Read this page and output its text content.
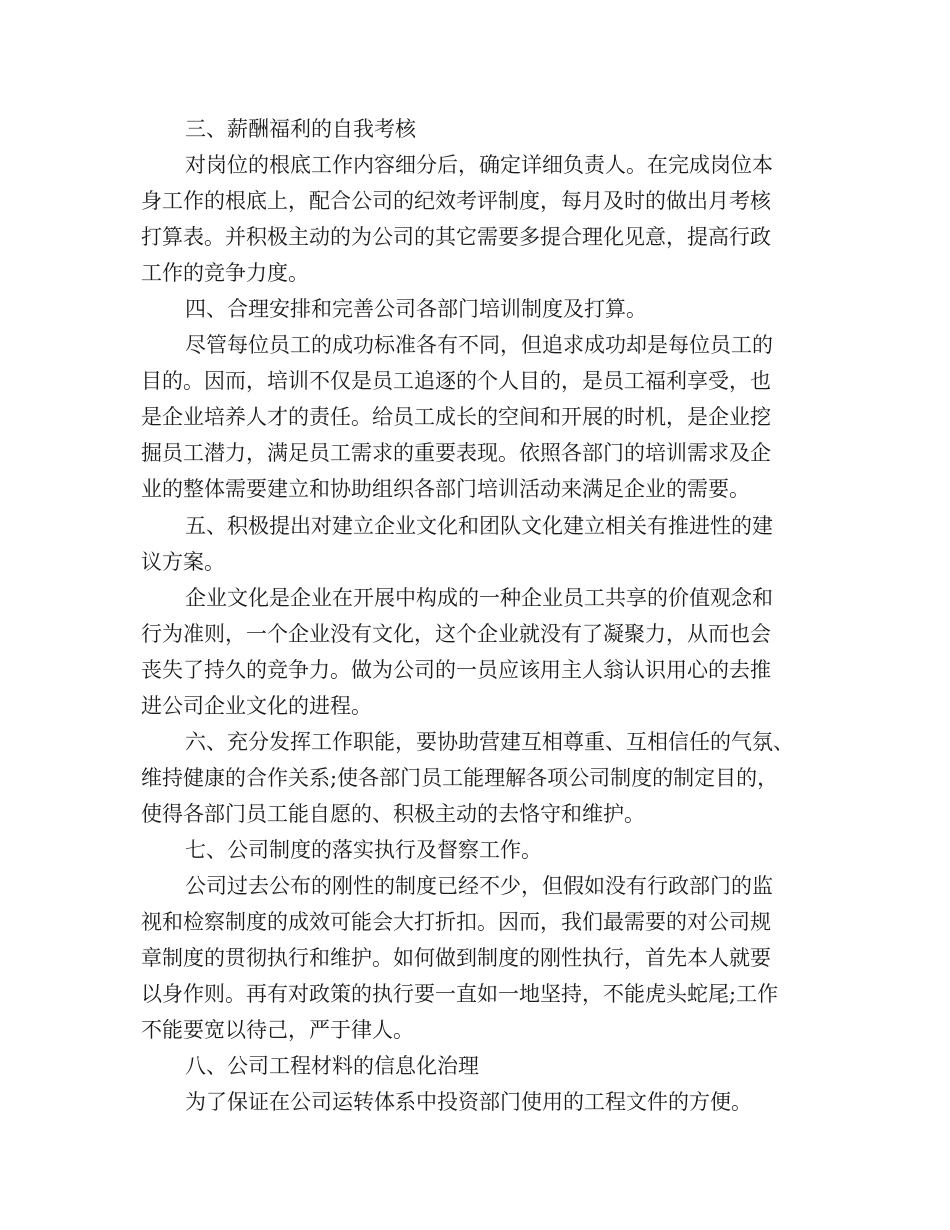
三、薪酬福利的自我考核

对岗位的根底工作内容细分后，确定详细负责人。在完成岗位本

身工作的根底上，配合公司的纪效考评制度，每月及时的做出月考核

打算表。并积极主动的为公司的其它需要多提合理化见意，提高行政

工作的竞争力度。

四、合理安排和完善公司各部门培训制度及打算。

尽管每位员工的成功标准各有不同，但追求成功却是每位员工的

目的。因而，培训不仅是员工追逐的个人目的，是员工福利享受，也

是企业培养人才的责任。给员工成长的空间和开展的时机，是企业挖

掘员工潜力，满足员工需求的重要表现。依照各部门的培训需求及企

业的整体需要建立和协助组织各部门培训活动来满足企业的需要。

五、积极提出对建立企业文化和团队文化建立相关有推进性的建

议方案。

企业文化是企业在开展中构成的一种企业员工共享的价值观念和

行为准则，一个企业没有文化，这个企业就没有了凝聚力，从而也会

丧失了持久的竞争力。做为公司的一员应该用主人翁认识用心的去推

进公司企业文化的进程。

六、充分发挥工作职能，要协助营建互相尊重、互相信任的气氛、

维持健康的合作关系;使各部门员工能理解各项公司制度的制定目的，

使得各部门员工能自愿的、积极主动的去恪守和维护。

七、公司制度的落实执行及督察工作。

公司过去公布的刚性的制度已经不少，但假如没有行政部门的监

视和检察制度的成效可能会大打折扣。因而，我们最需要的对公司规

章制度的贯彻执行和维护。如何做到制度的刚性执行，首先本人就要

以身作则。再有对政策的执行要一直如一地坚持，不能虎头蛇尾;工作

不能要宽以待己，严于律人。

八、公司工程材料的信息化治理

为了保证在公司运转体系中投资部门使用的工程文件的方便。
